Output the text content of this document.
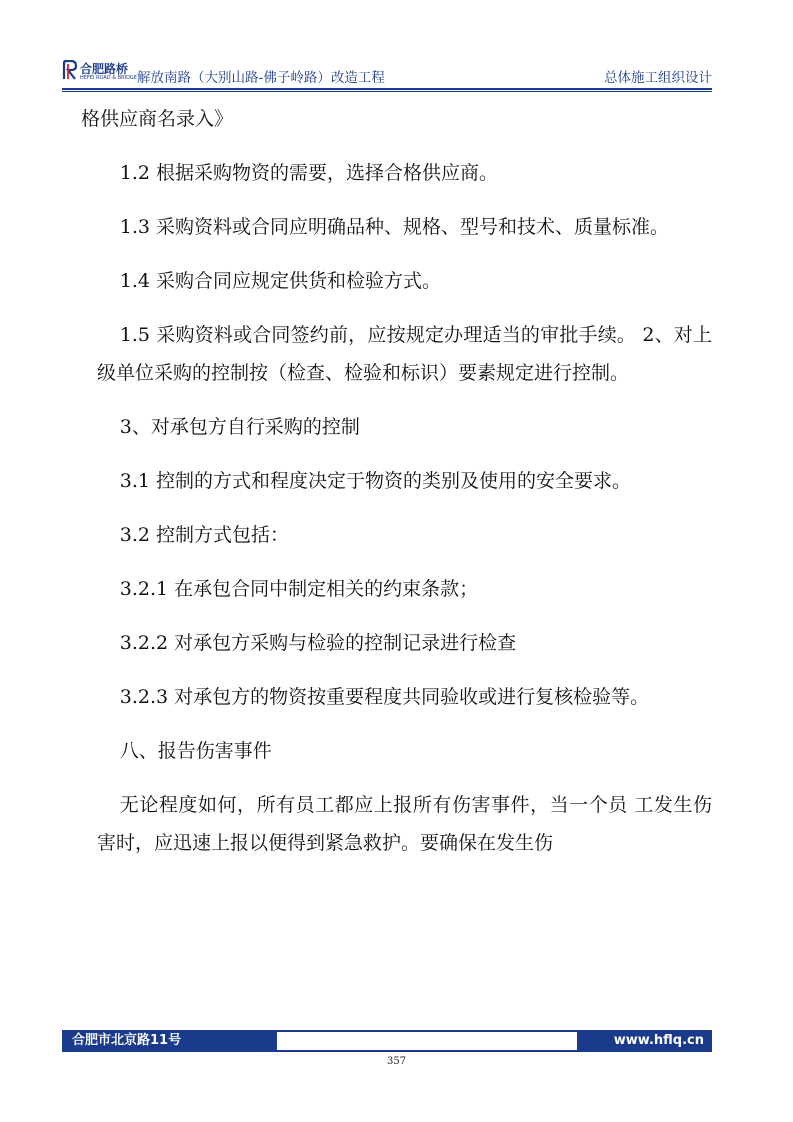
合肥路桥
HEFEI ROAD & BRIDGE 解放南路（大别山路-佛子岭路）改造工程	总体施工组织设计

格供应商名录入》

1.2 根据采购物资的需要，选择合格供应商。

1.3 采购资料或合同应明确品种、规格、型号和技术、质量标准。

1.4 采购合同应规定供货和检验方式。

1.5 采购资料或合同签约前，应按规定办理适当的审批手续。 2、对上级单位采购的控制按（检查、检验和标识）要素规定进行控制。

3、对承包方自行采购的控制

3.1 控制的方式和程度决定于物资的类别及使用的安全要求。

3.2 控制方式包括：

3.2.1 在承包合同中制定相关的约束条款；

3.2.2 对承包方采购与检验的控制记录进行检查

3.2.3 对承包方的物资按重要程度共同验收或进行复核检验等。

八、报告伤害事件

无论程度如何，所有员工都应上报所有伤害事件，当一个员 工发生伤害时，应迅速上报以便得到紧急救护。要确保在发生伤

合肥市北京路11号	www.hflq.cn
357
